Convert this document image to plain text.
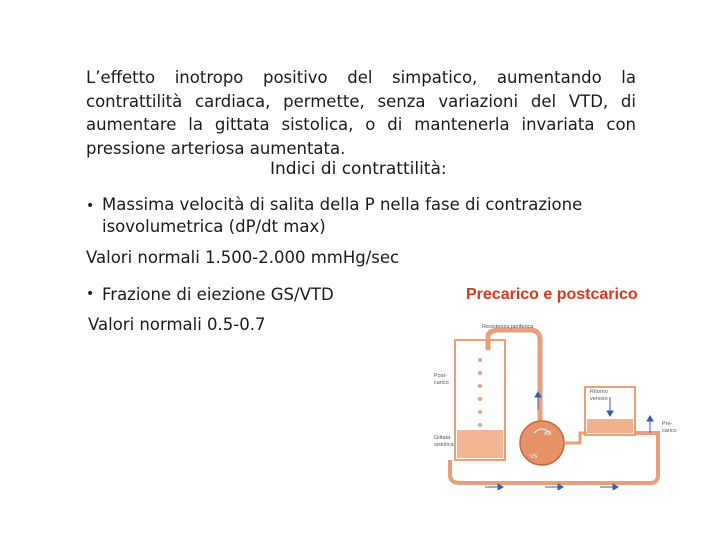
L’effetto inotropo positivo del simpatico, aumentando la contrattilità cardiaca, permette, senza variazioni del VTD, di aumentare la gittata sistolica, o di mantenerla invariata con pressione arteriosa aumentata.

Indici di contrattilità:

• Massima velocità di salita della P nella fase di contrazione isovolumetrica (dP/dt max)

Valori normali 1.500-2.000 mmHg/sec

• Frazione di eiezione GS/VTD

Valori normali 0.5-0.7

Precarico e postcarico

AS
VS
Resistenza periferica
Post-
carico
Ritorno
venoso
Pre-
carico
Gittata
sistolica
